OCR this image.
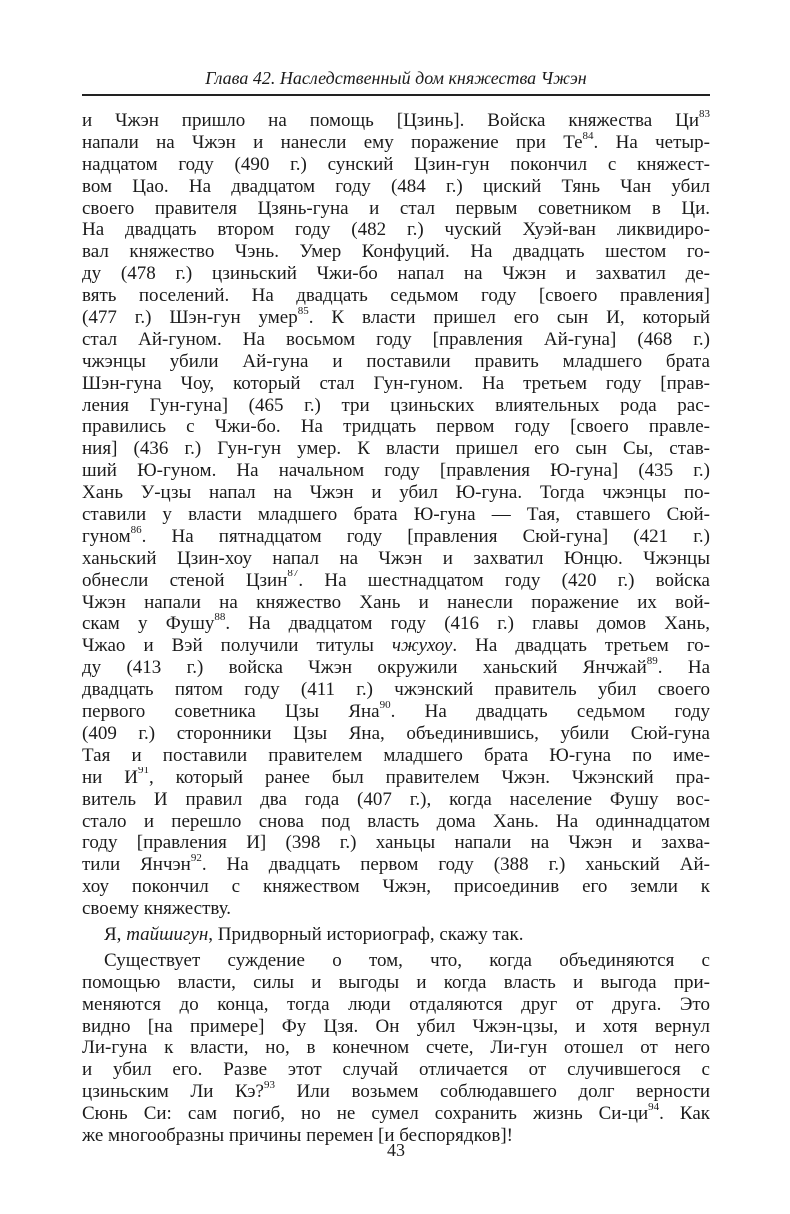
Глава 42. Наследственный дом княжества Чжэн
и Чжэн пришло на помощь [Цзинь]. Войска княжества $Ци^{83}$
напали на Чжэн и нанесли ему поражение при $Те^{84}$. На четыр-
надцатом году (490 г.) сунский Цзин-гун покончил с княжест-
вом Цао. На двадцатом году (484 г.) циский Тянь Чан убил
своего правителя Цзянь-гуна и стал первым советником в Ци.
На двадцать втором году (482 г.) чуский Хуэй-ван ликвидиро-
вал княжество Чэнь. Умер Конфуций. На двадцать шестом го-
ду (478 г.) цзиньский Чжи-бо напал на Чжэн и захватил де-
вять поселений. На двадцать седьмом году [своего правления]
(477 г.) Шэн-гун умер$^{85}$. К власти пришел его сын И, который
стал Ай-гуном. На восьмом году [правления Ай-гуна] (468 г.)
чжэнцы убили Ай-гуна и поставили править младшего брата
Шэн-гуна Чоу, который стал Гун-гуном. На третьем году [прав-
ления Гун-гуна] (465 г.) три цзиньских влиятельных рода рас-
правились с Чжи-бо. На тридцать первом году [своего правле-
ния] (436 г.) Гун-гун умер. К власти пришел его сын Сы, став-
ший Ю-гуном. На начальном году [правления Ю-гуна] (435 г.)
Хань У-цзы напал на Чжэн и убил Ю-гуна. Тогда чжэнцы по-
ставили у власти младшего брата Ю-гуна — Тая, ставшего Сюй-
гуном$^{86}$. На пятнадцатом году [правления Сюй-гуна] (421 г.)
ханьский Цзин-хоу напал на Чжэн и захватил Юнцю. Чжэнцы
обнесли стеной Цзин$^{87}$. На шестнадцатом году (420 г.) войска
Чжэн напали на княжество Хань и нанесли поражение их вой-
скам у Фушу$^{88}$. На двадцатом году (416 г.) главы домов Хань,
Чжао и Вэй получили титулы чжухоу. На двадцать третьем го-
ду (413 г.) войска Чжэн окружили ханьский Янчжай$^{89}$. На
двадцать пятом году (411 г.) чжэнский правитель убил своего
первого советника Цзы Яна$^{90}$. На двадцать седьмом году
(409 г.) сторонники Цзы Яна, объединившись, убили Сюй-гуна
Тая и поставили правителем младшего брата Ю-гуна по име-
ни $И^{91}$, который ранее был правителем Чжэн. Чжэнский пра-
витель И правил два года (407 г.), когда население Фушу вос-
стало и перешло снова под власть дома Хань. На одиннадцатом
году [правления И] (398 г.) ханьцы напали на Чжэн и захва-
тили Янчэн$^{92}$. На двадцать первом году (388 г.) ханьский Ай-
хоу покончил с княжеством Чжэн, присоединив его земли к
своему княжеству.
Я, тайшигун, Придворный историограф, скажу так.
Существует суждение о том, что, когда объединяются с
помощью власти, силы и выгоды и когда власть и выгода при-
меняются до конца, тогда люди отдаляются друг от друга. Это
видно [на примере] Фу Цзя. Он убил Чжэн-цзы, и хотя вернул
Ли-гуна к власти, но, в конечном счете, Ли-гун отошел от него
и убил его. Разве этот случай отличается от случившегося с
цзиньским Ли Кэ?$^{93}$ Или возьмем соблюдавшего долг верности
Сюнь Си: сам погиб, но не сумел сохранить жизнь $Си-ци^{94}$. Как
же многообразны причины перемен [и беспорядков]!
43
